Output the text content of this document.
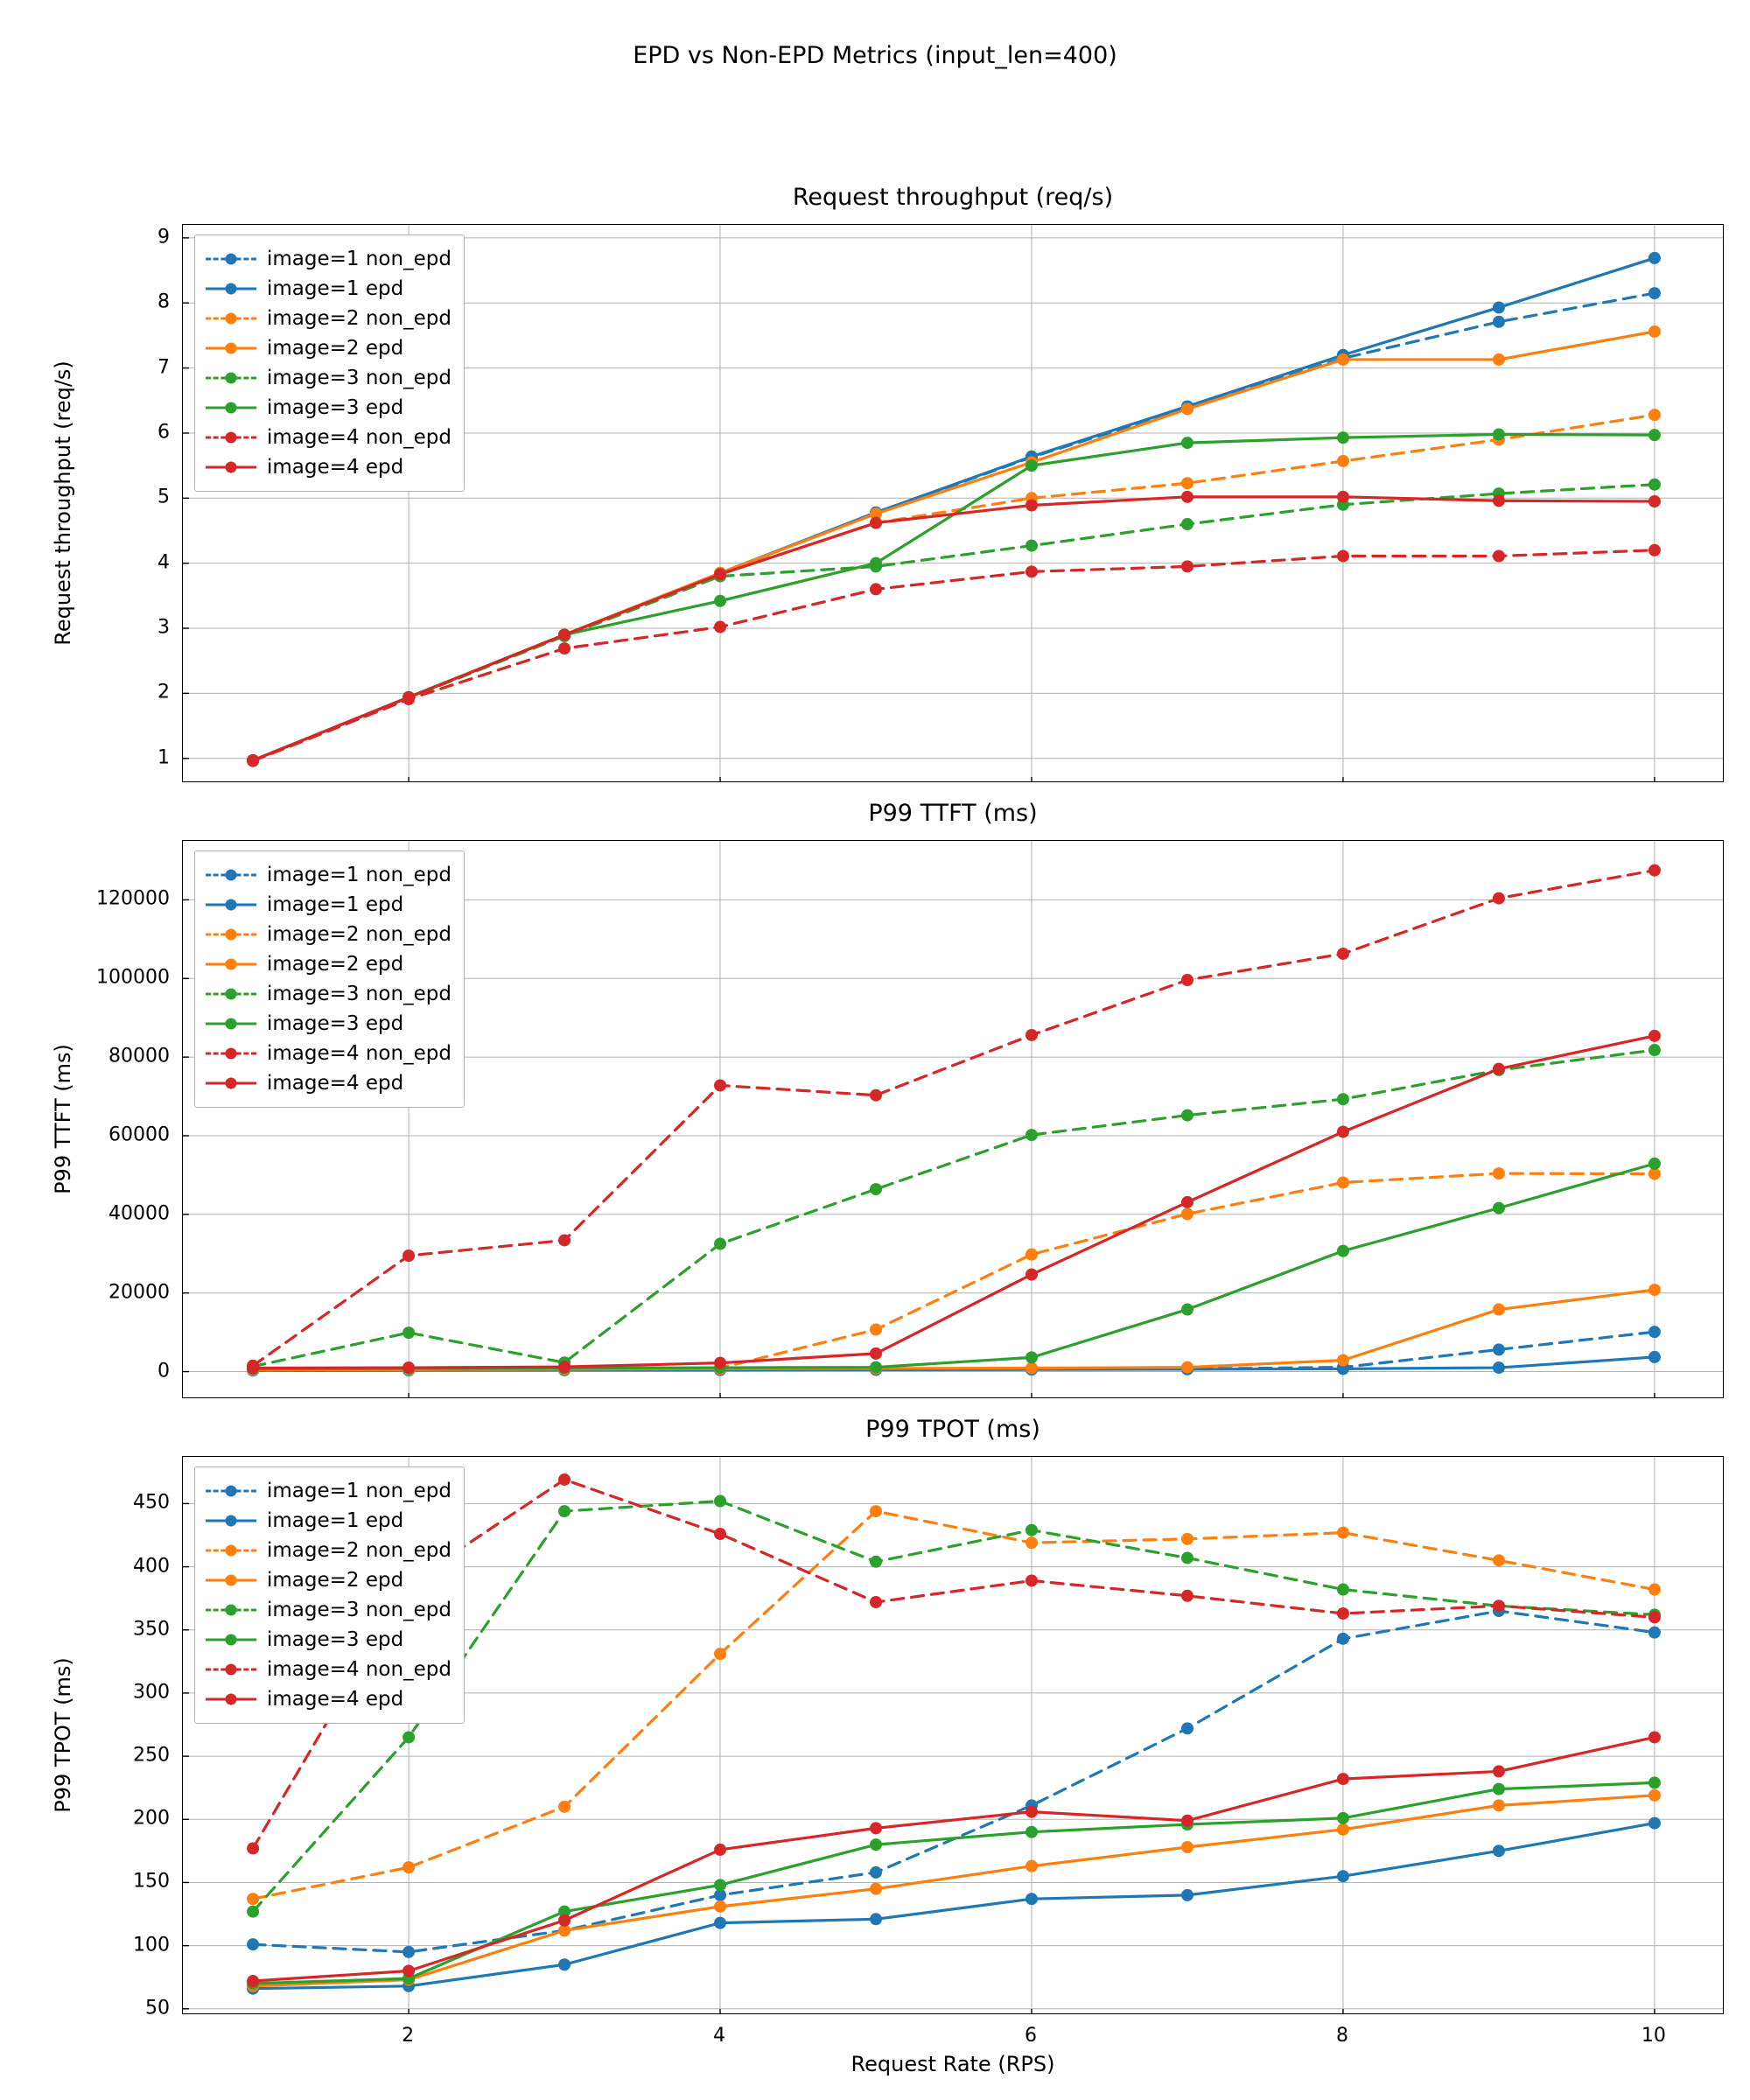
EPD vs Non-EPD Metrics (input_len=400)
Request throughput (req/s)
1
2
3
4
5
6
7
8
9
Request throughput (req/s)
image=1 non_epd
image=1 epd
image=2 non_epd
image=2 epd
image=3 non_epd
image=3 epd
image=4 non_epd
image=4 epd
P99 TTFT (ms)
0
20000
40000
60000
80000
100000
120000
P99 TTFT (ms)
image=1 non_epd
image=1 epd
image=2 non_epd
image=2 epd
image=3 non_epd
image=3 epd
image=4 non_epd
image=4 epd
P99 TPOT (ms)
50
100
150
200
250
300
350
400
450
2	4	6	8	10
P99 TPOT (ms)
image=1 non_epd
image=1 epd
image=2 non_epd
image=2 epd
image=3 non_epd
image=3 epd
image=4 non_epd
image=4 epd
Request Rate (RPS)
